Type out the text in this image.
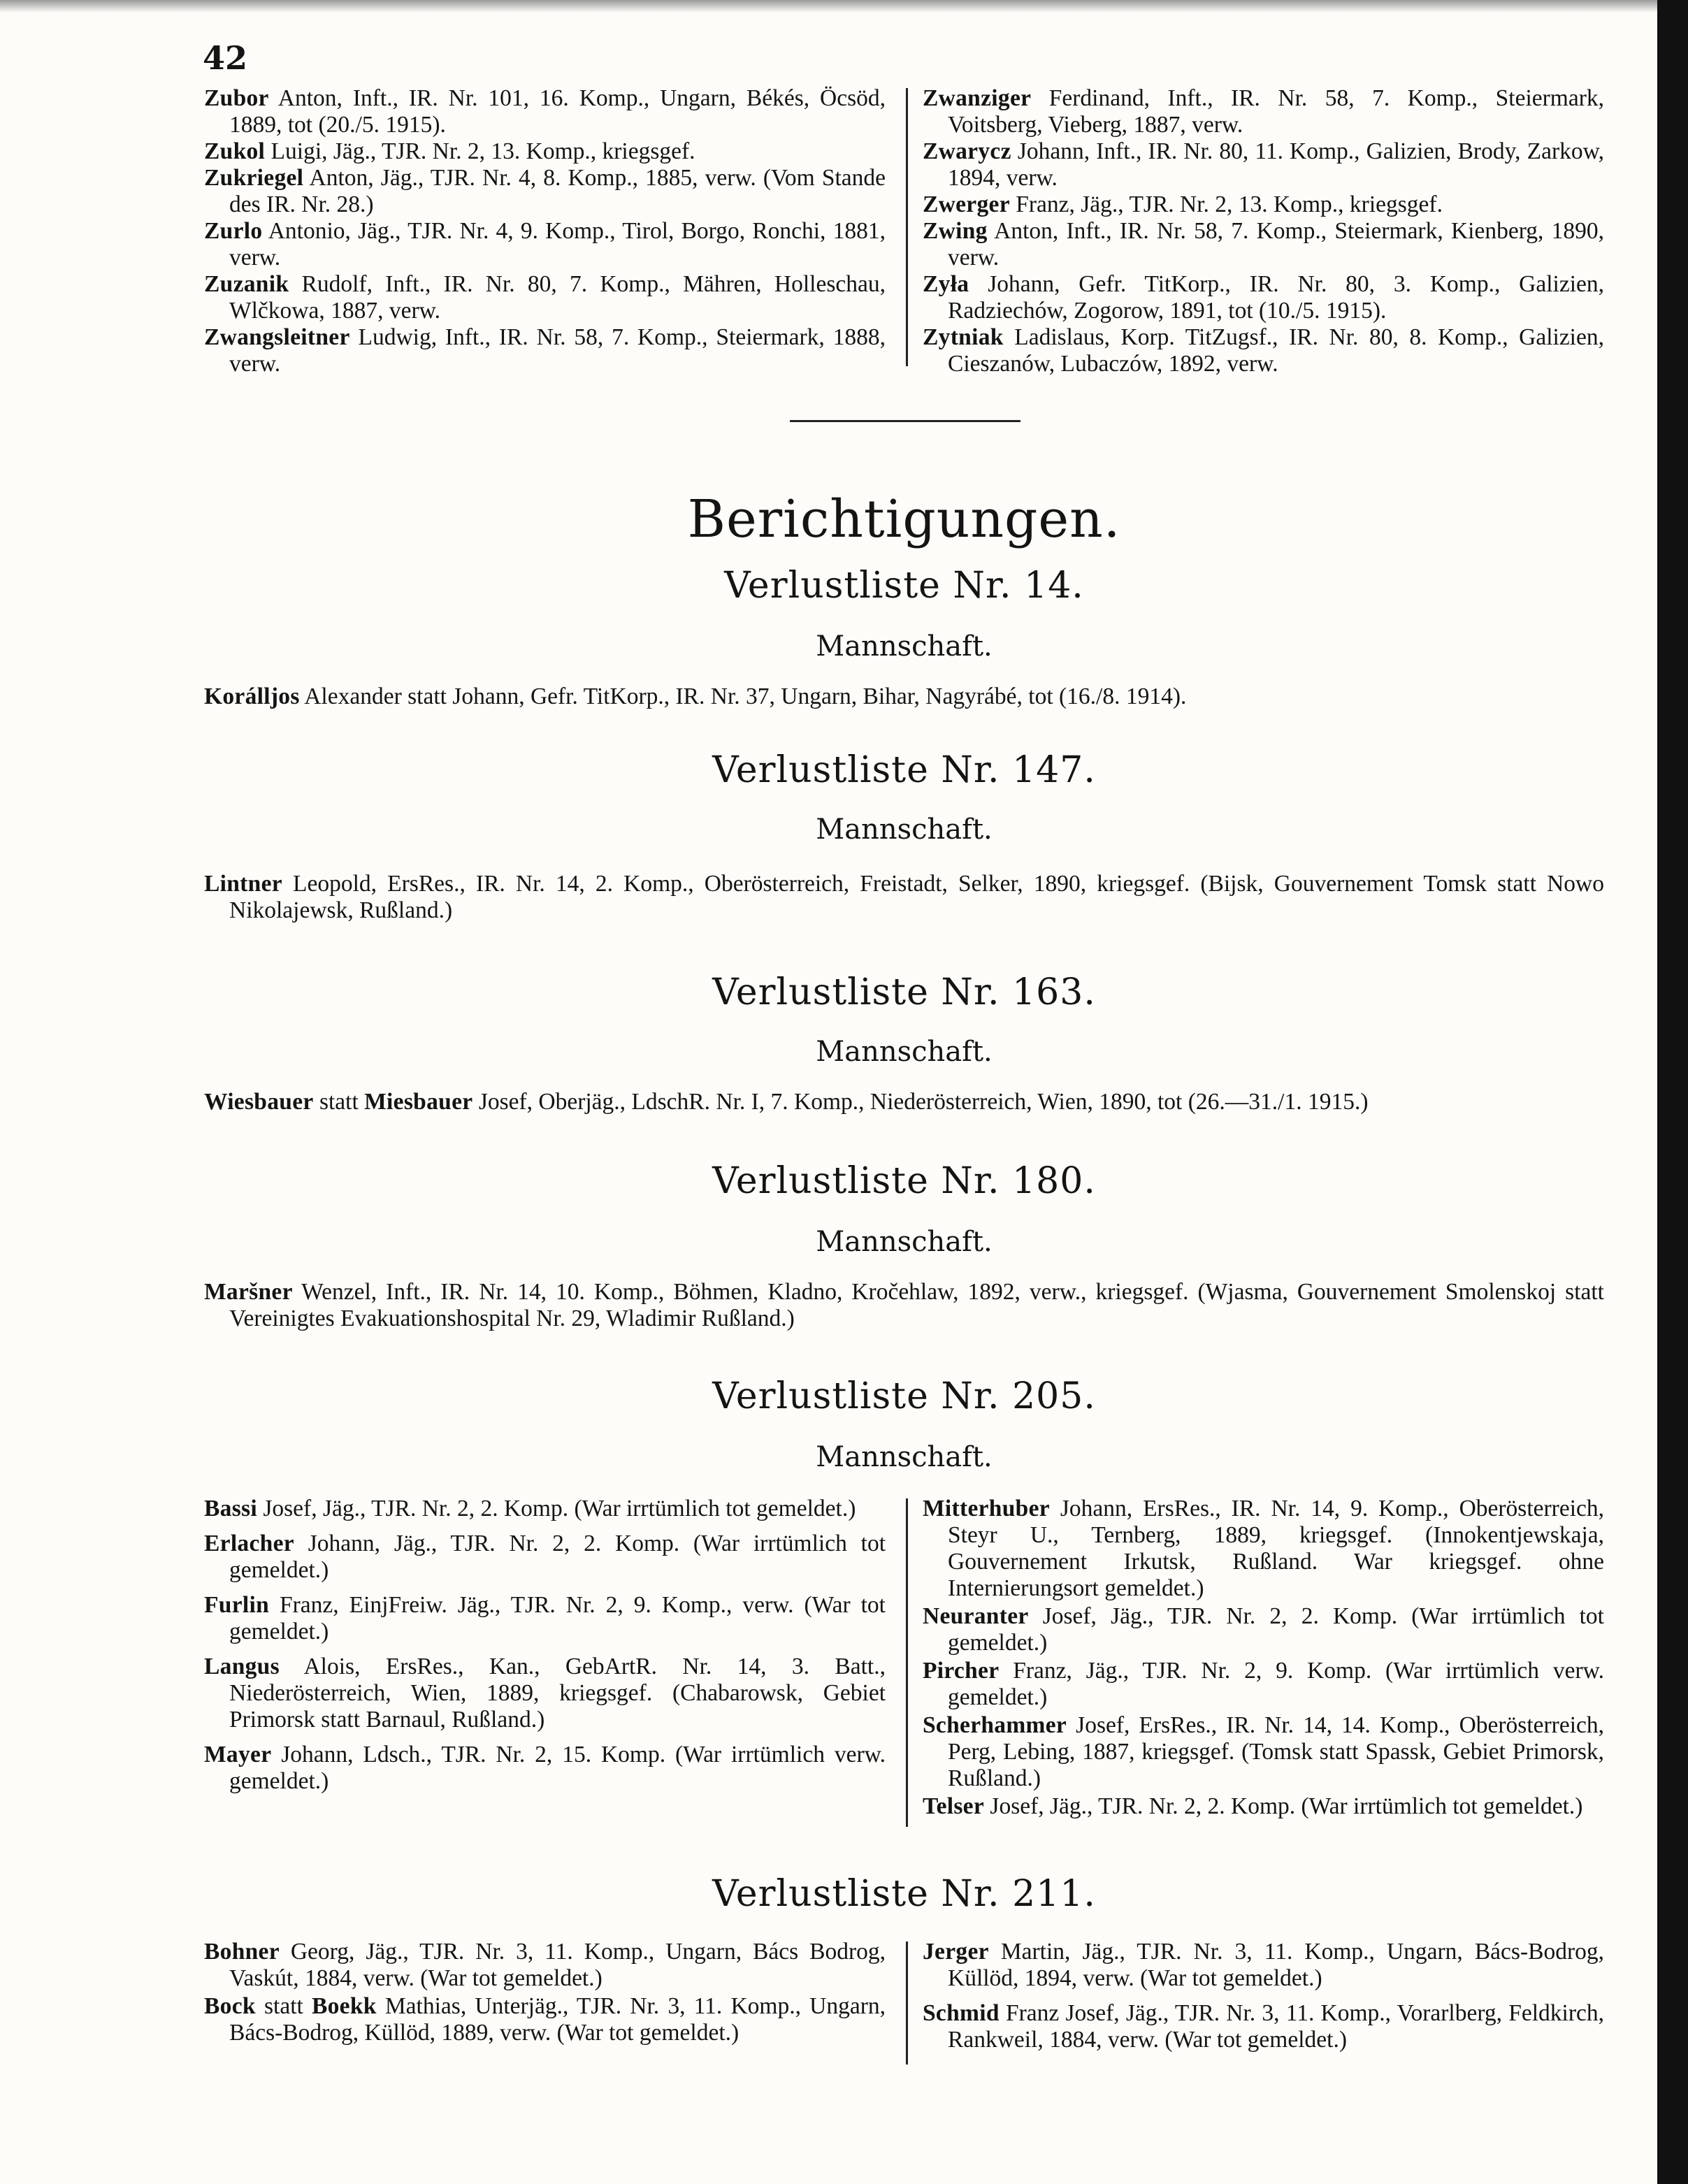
42

Zubor Anton, Inft., IR. Nr. 101, 16. Komp., Ungarn, Békés, Öcsöd, 1889, tot (20./5. 1915).

Zukol Luigi, Jäg., TJR. Nr. 2, 13. Komp., kriegsgef.

Zukriegel Anton, Jäg., TJR. Nr. 4, 8. Komp., 1885, verw. (Vom Stande des IR. Nr. 28.)

Zurlo Antonio, Jäg., TJR. Nr. 4, 9. Komp., Tirol, Borgo, Ronchi, 1881, verw.

Zuzanik Rudolf, Inft., IR. Nr. 80, 7. Komp., Mähren, Holleschau, Wlčkowa, 1887, verw.

Zwangsleitner Ludwig, Inft., IR. Nr. 58, 7. Komp., Steiermark, 1888, verw.

Zwanziger Ferdinand, Inft., IR. Nr. 58, 7. Komp., Steiermark, Voitsberg, Vieberg, 1887, verw.

Zwarycz Johann, Inft., IR. Nr. 80, 11. Komp., Galizien, Brody, Zarkow, 1894, verw.

Zwerger Franz, Jäg., TJR. Nr. 2, 13. Komp., kriegsgef.

Zwing Anton, Inft., IR. Nr. 58, 7. Komp., Steiermark, Kienberg, 1890, verw.

Zyła Johann, Gefr. TitKorp., IR. Nr. 80, 3. Komp., Galizien, Radziechów, Zogorow, 1891, tot (10./5. 1915).

Zytniak Ladislaus, Korp. TitZugsf., IR. Nr. 80, 8. Komp., Galizien, Cieszanów, Lubaczów, 1892, verw.

Berichtigungen.
Verlustliste Nr. 14.
Mannschaft.

Korálljos Alexander statt Johann, Gefr. TitKorp., IR. Nr. 37, Ungarn, Bihar, Nagyrábé, tot (16./8. 1914).

Verlustliste Nr. 147.
Mannschaft.

Lintner Leopold, ErsRes., IR. Nr. 14, 2. Komp., Oberösterreich, Freistadt, Selker, 1890, kriegsgef. (Bijsk, Gouvernement Tomsk statt Nowo Nikolajewsk, Rußland.)

Verlustliste Nr. 163.
Mannschaft.

Wiesbauer statt Miesbauer Josef, Oberjäg., LdschR. Nr. I, 7. Komp., Niederösterreich, Wien, 1890, tot (26.—31./1. 1915.)

Verlustliste Nr. 180.
Mannschaft.

Maršner Wenzel, Inft., IR. Nr. 14, 10. Komp., Böhmen, Kladno, Kročehlaw, 1892, verw., kriegsgef. (Wjasma, Gouvernement Smolenskoj statt Vereinigtes Evakuationshospital Nr. 29, Wladimir Rußland.)

Verlustliste Nr. 205.
Mannschaft.

Bassi Josef, Jäg., TJR. Nr. 2, 2. Komp. (War irrtümlich tot gemeldet.)

Erlacher Johann, Jäg., TJR. Nr. 2, 2. Komp. (War irrtümlich tot gemeldet.)

Furlin Franz, EinjFreiw. Jäg., TJR. Nr. 2, 9. Komp., verw. (War tot gemeldet.)

Langus Alois, ErsRes., Kan., GebArtR. Nr. 14, 3. Batt., Niederösterreich, Wien, 1889, kriegsgef. (Chabarowsk, Gebiet Primorsk statt Barnaul, Rußland.)

Mayer Johann, Ldsch., TJR. Nr. 2, 15. Komp. (War irrtümlich verw. gemeldet.)

Mitterhuber Johann, ErsRes., IR. Nr. 14, 9. Komp., Oberösterreich, Steyr U., Ternberg, 1889, kriegsgef. (Innokentjewskaja, Gouvernement Irkutsk, Rußland. War kriegsgef. ohne Internierungsort gemeldet.)

Neuranter Josef, Jäg., TJR. Nr. 2, 2. Komp. (War irrtümlich tot gemeldet.)

Pircher Franz, Jäg., TJR. Nr. 2, 9. Komp. (War irrtümlich verw. gemeldet.)

Scherhammer Josef, ErsRes., IR. Nr. 14, 14. Komp., Oberösterreich, Perg, Lebing, 1887, kriegsgef. (Tomsk statt Spassk, Gebiet Primorsk, Rußland.)

Telser Josef, Jäg., TJR. Nr. 2, 2. Komp. (War irrtümlich tot gemeldet.)

Verlustliste Nr. 211.

Bohner Georg, Jäg., TJR. Nr. 3, 11. Komp., Ungarn, Bács Bodrog, Vaskút, 1884, verw. (War tot gemeldet.)

Bock statt Boekk Mathias, Unterjäg., TJR. Nr. 3, 11. Komp., Ungarn, Bács-Bodrog, Küllöd, 1889, verw. (War tot gemeldet.)

Jerger Martin, Jäg., TJR. Nr. 3, 11. Komp., Ungarn, Bács-Bodrog, Küllöd, 1894, verw. (War tot gemeldet.)

Schmid Franz Josef, Jäg., TJR. Nr. 3, 11. Komp., Vorarlberg, Feldkirch, Rankweil, 1884, verw. (War tot gemeldet.)
